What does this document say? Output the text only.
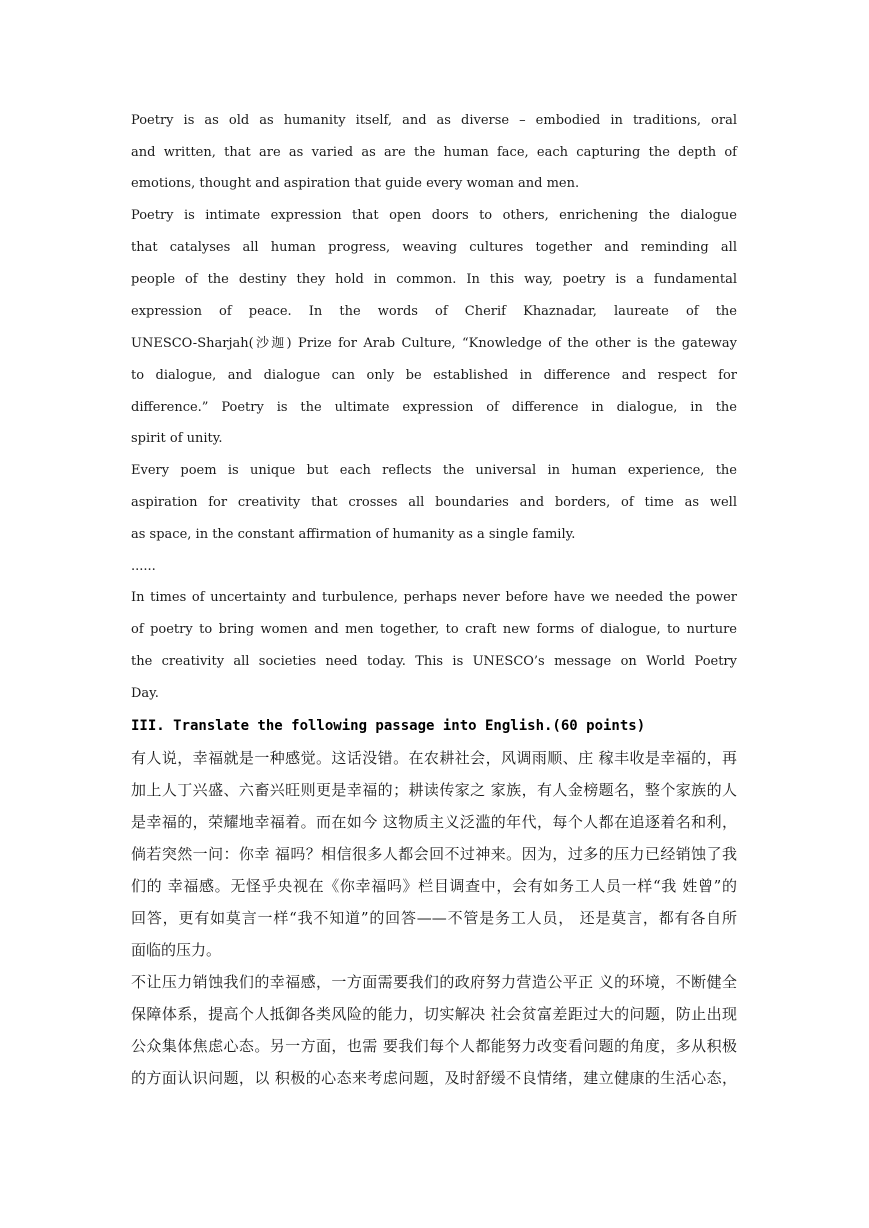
Poetry is as old as humanity itself, and as diverse – embodied in traditions, oral

and written, that are as varied as are the human face, each capturing the depth of

emotions, thought and aspiration that guide every woman and men.

Poetry is intimate expression that open doors to others, enrichening the dialogue

that catalyses all human progress, weaving cultures together and reminding all

people of the destiny they hold in common. In this way, poetry is a fundamental

expression of peace. In the words of Cherif Khaznadar, laureate of the

UNESCO-Sharjah(沙迦) Prize for Arab Culture, “Knowledge of the other is the gateway

to dialogue, and dialogue can only be established in difference and respect for

difference.” Poetry is the ultimate expression of difference in dialogue, in the

spirit of unity.

Every poem is unique but each reflects the universal in human experience, the

aspiration for creativity that crosses all boundaries and borders, of time as well

as space, in the constant affirmation of humanity as a single family.

......

In times of uncertainty and turbulence, perhaps never before have we needed the power

of poetry to bring women and men together, to craft new forms of dialogue, to nurture

the creativity all societies need today. This is UNESCO’s message on World Poetry

Day.

III. Translate the following passage into English.(60 points)

有人说，幸福就是一种感觉。这话没错。在农耕社会，风调雨顺、庄 稼丰收是幸福的，再

加上人丁兴盛、六畜兴旺则更是幸福的；耕读传家之 家族，有人金榜题名，整个家族的人

是幸福的，荣耀地幸福着。而在如今 这物质主义泛滥的年代，每个人都在追逐着名和利，

倘若突然一问：你幸 福吗？相信很多人都会回不过神来。因为，过多的压力已经销蚀了我

们的 幸福感。无怪乎央视在《你幸福吗》栏目调查中，会有如务工人员一样“我 姓曾”的

回答，更有如莫言一样“我不知道”的回答——不管是务工人员， 还是莫言，都有各自所

面临的压力。

不让压力销蚀我们的幸福感，一方面需要我们的政府努力营造公平正 义的环境，不断健全

保障体系，提高个人抵御各类风险的能力，切实解决 社会贫富差距过大的问题，防止出现

公众集体焦虑心态。另一方面，也需 要我们每个人都能努力改变看问题的角度，多从积极

的方面认识问题，以 积极的心态来考虑问题，及时舒缓不良情绪，建立健康的生活心态，
